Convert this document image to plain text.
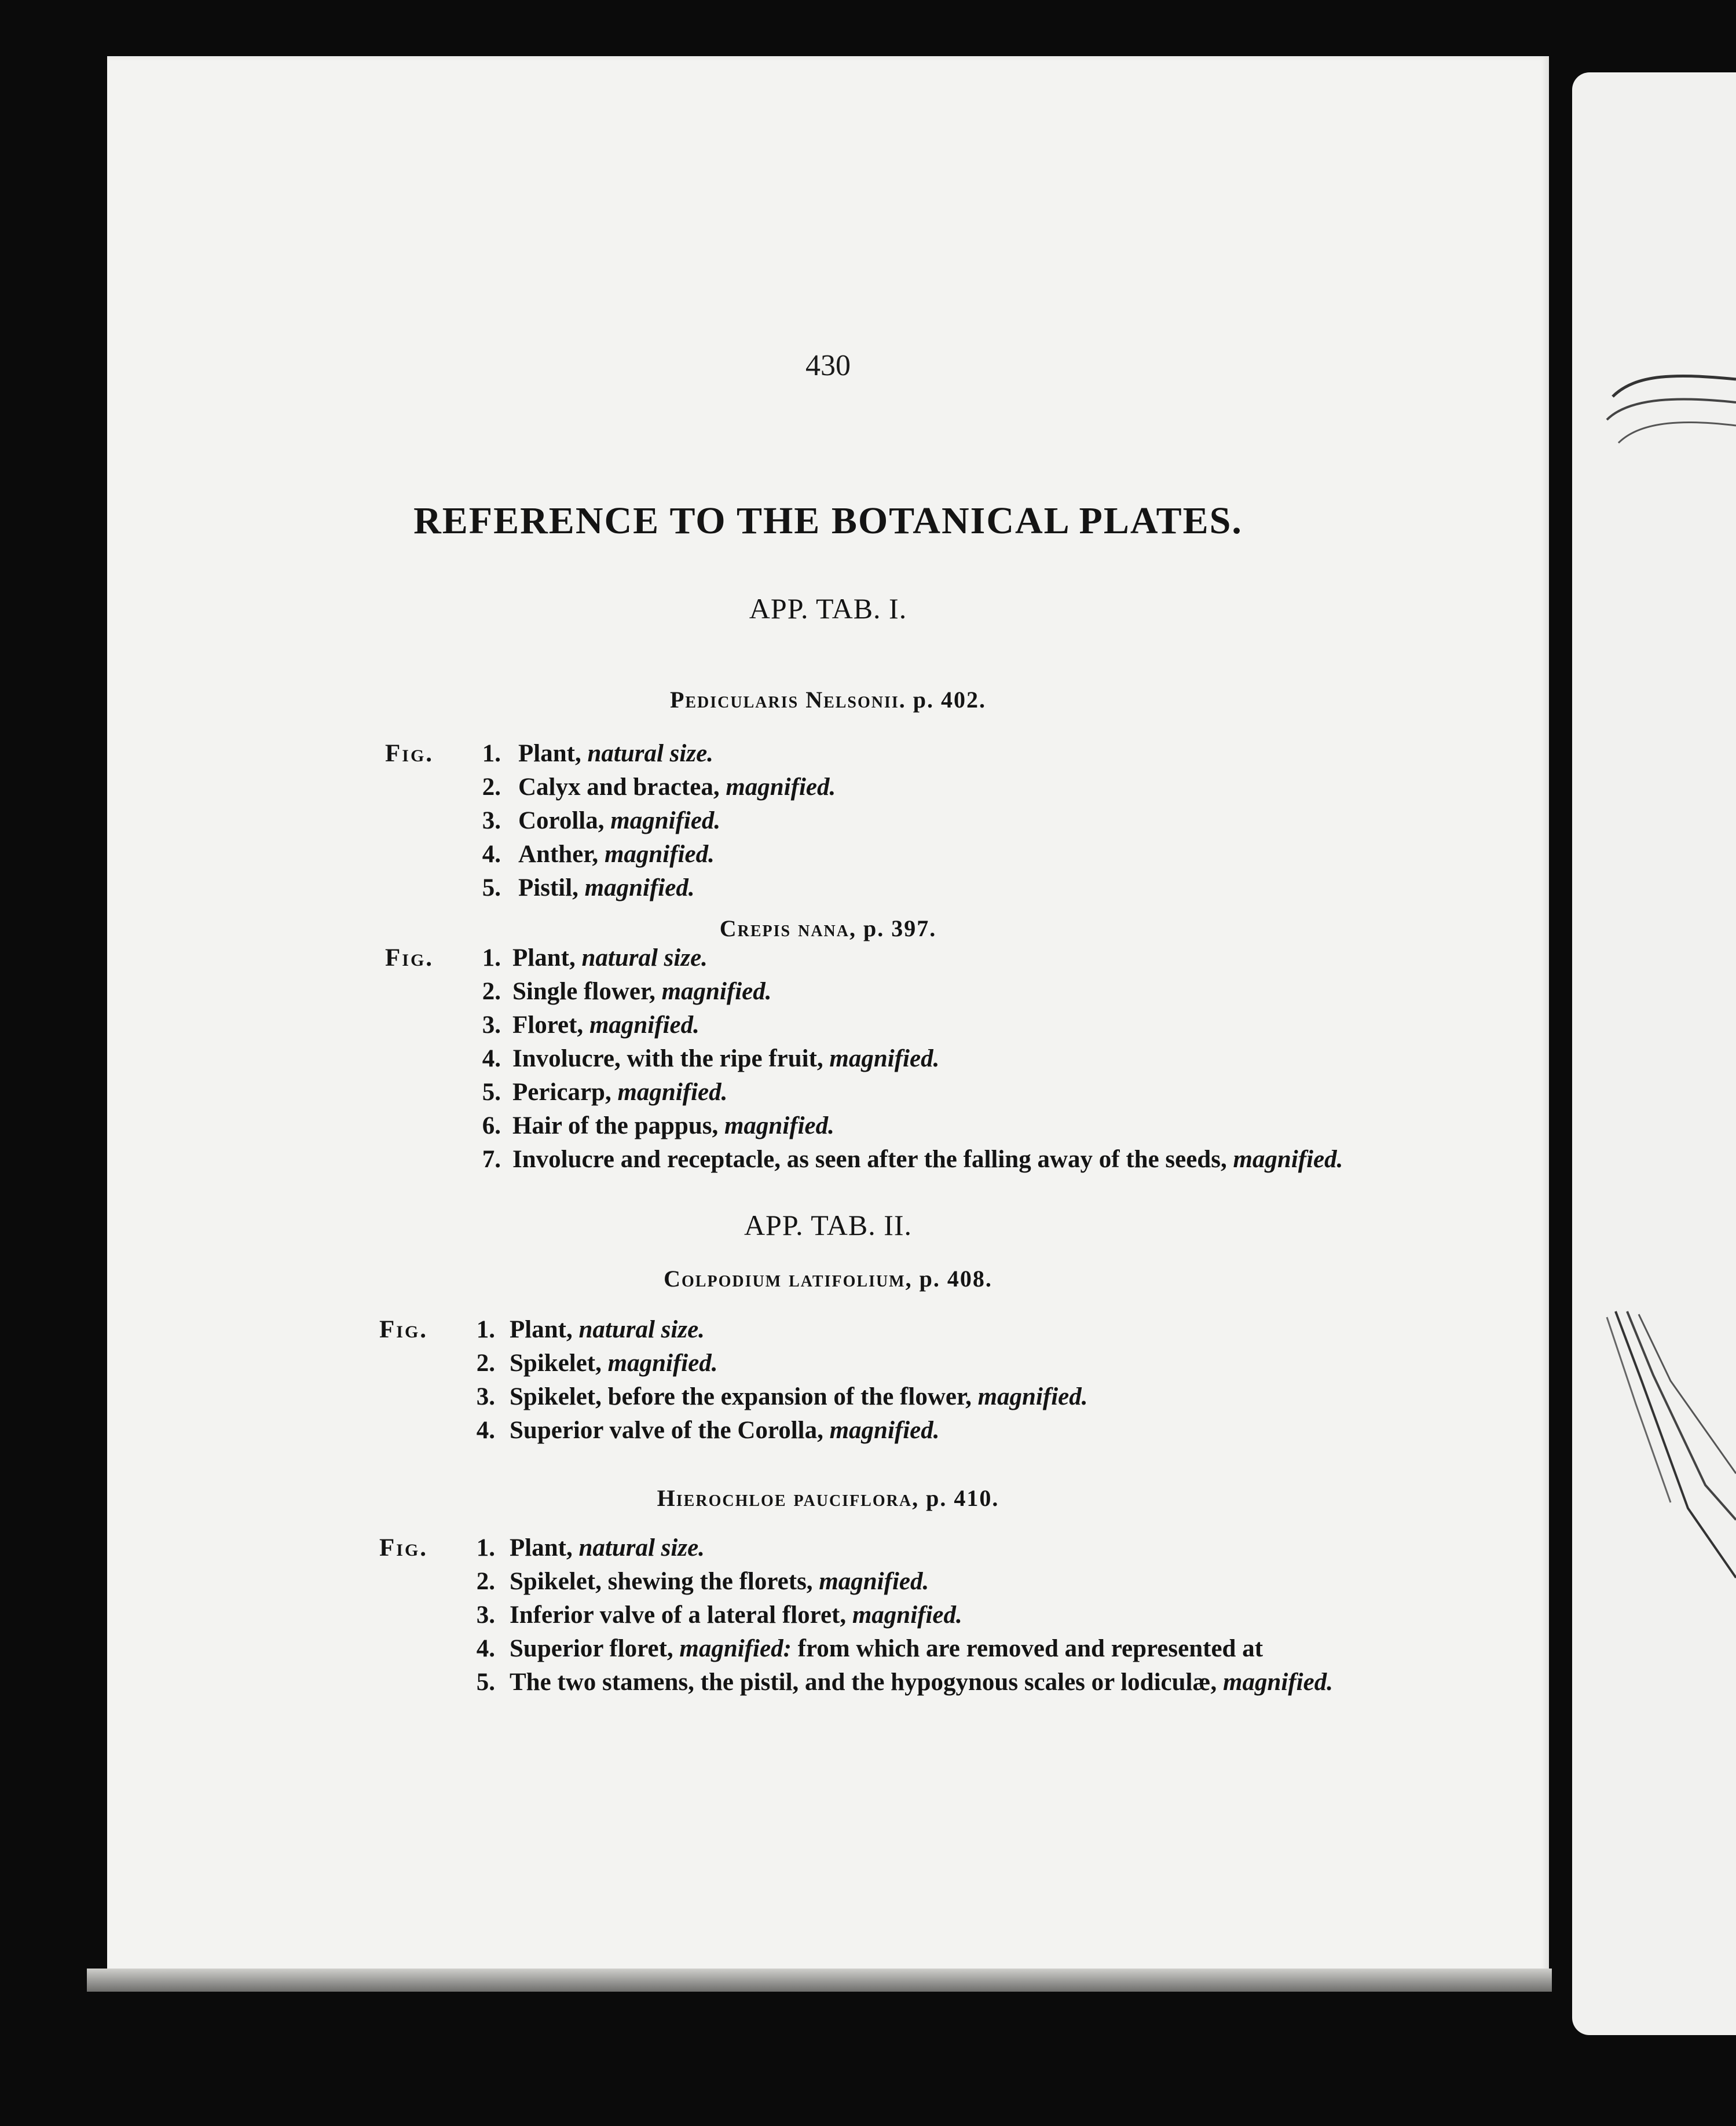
430
REFERENCE TO THE BOTANICAL PLATES.
APP. TAB. I.
Pedicularis Nelsonii. p. 402.
Fig.	1. Plant, natural size.
2. Calyx and bractea, magnified.
3. Corolla, magnified.
4. Anther, magnified.
5. Pistil, magnified.
Crepis nana, p. 397.
Fig.	1. Plant, natural size.
2. Single flower, magnified.
3. Floret, magnified.
4. Involucre, with the ripe fruit, magnified.
5. Pericarp, magnified.
6. Hair of the pappus, magnified.
7. Involucre and receptacle, as seen after the falling away of the seeds, magnified.
APP. TAB. II.
Colpodium latifolium, p. 408.
Fig.	1. Plant, natural size.
2. Spikelet, magnified.
3. Spikelet, before the expansion of the flower, magnified.
4. Superior valve of the Corolla, magnified.
Hierochloe pauciflora, p. 410.
Fig.	1. Plant, natural size.
2. Spikelet, shewing the florets, magnified.
3. Inferior valve of a lateral floret, magnified.
4. Superior floret, magnified: from which are removed and represented at
5. The two stamens, the pistil, and the hypogynous scales or lodiculæ, magnified.
